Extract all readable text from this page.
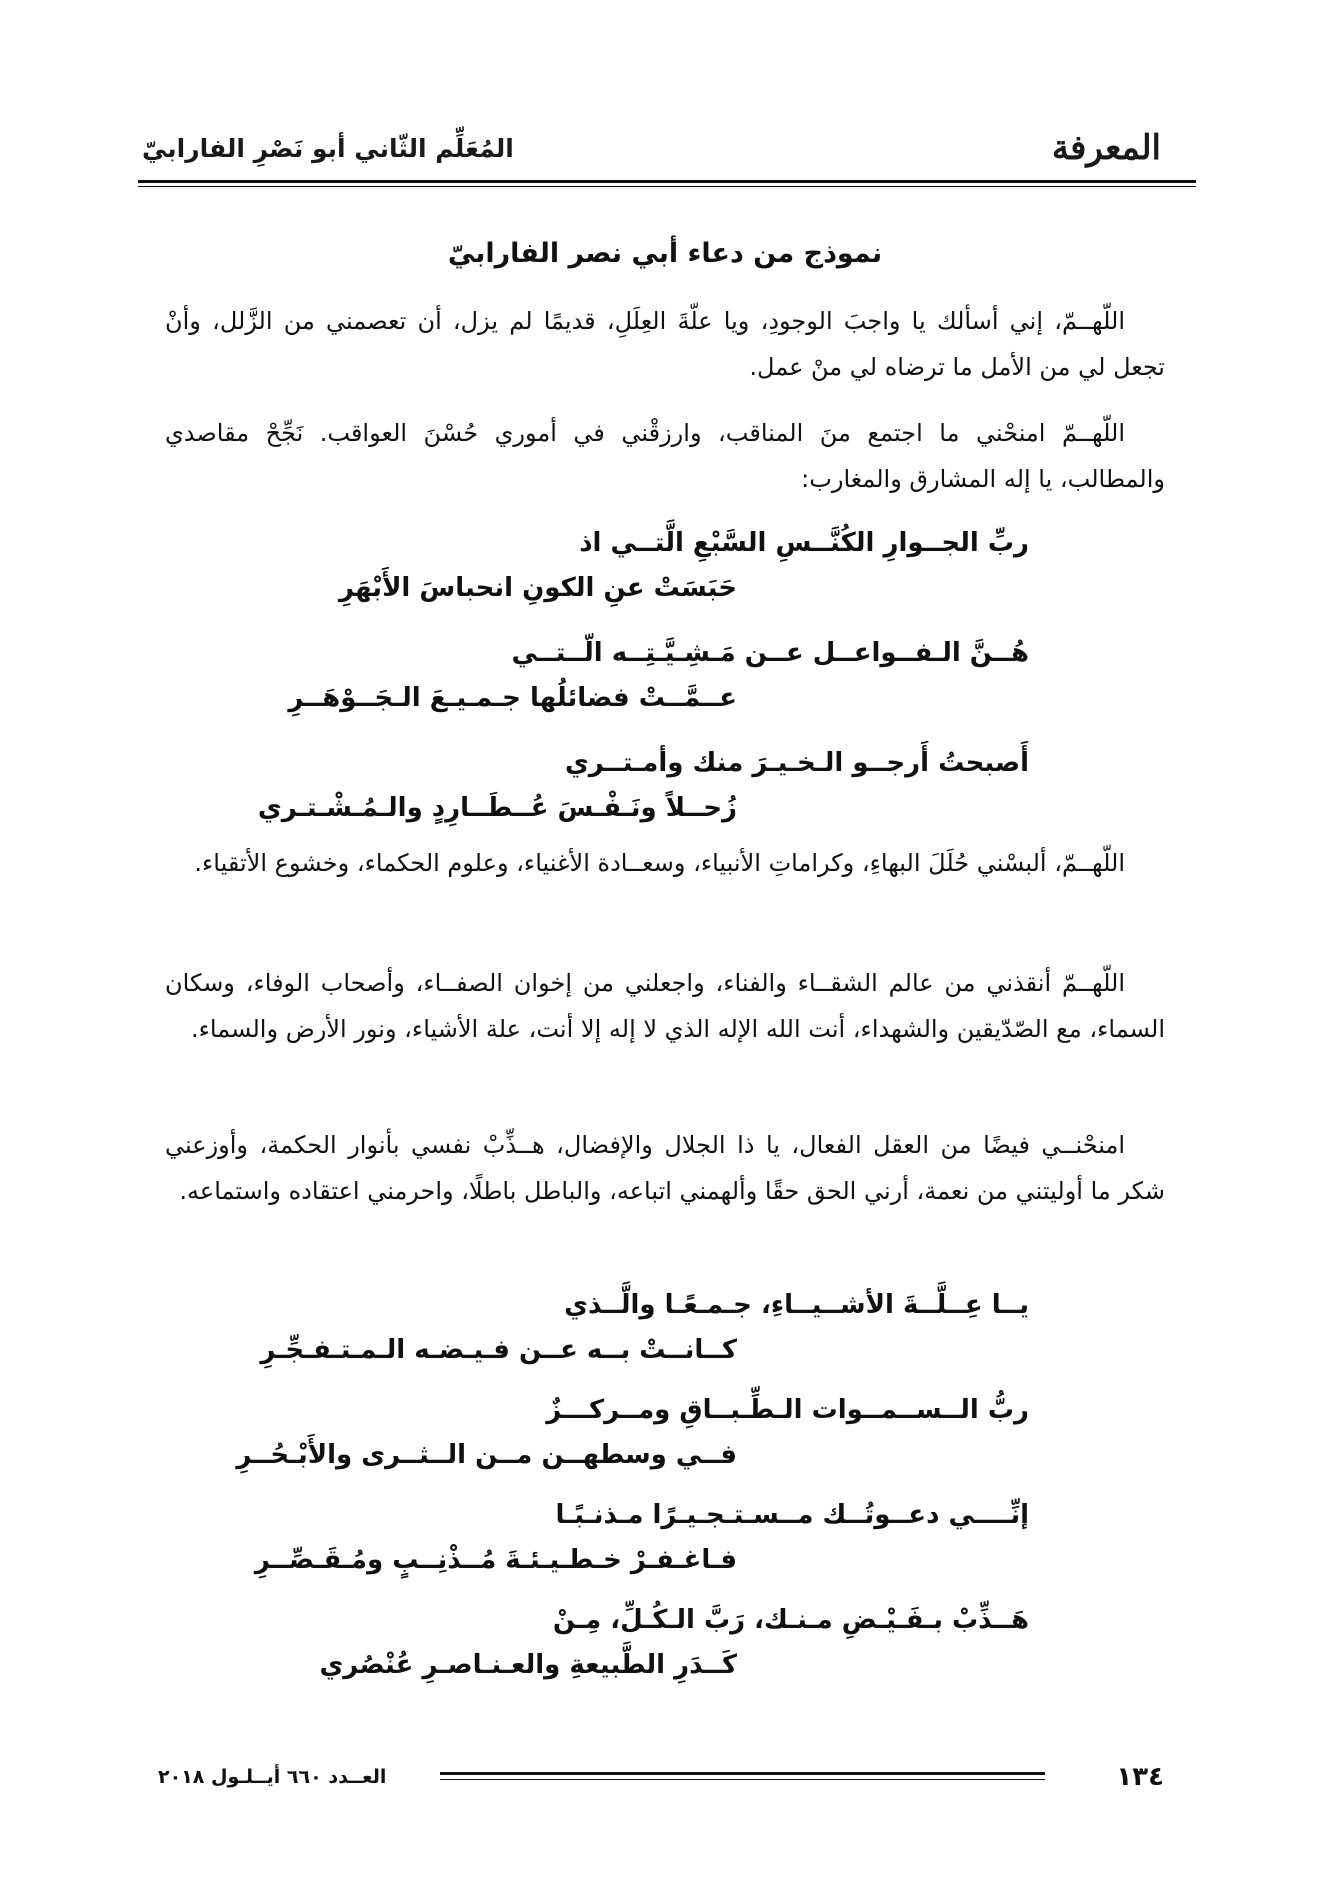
المعرفة
المُعَلِّم الثّاني أبو نَصْرِ الفارابيّ
نموذج من دعاء أبي نصر الفارابيّ

اللّهــمّ، إني أسألك يا واجبَ الوجودِ، ويا علّةَ العِلَلِ، قديمًا لم يزل، أن تعصمني من الزَّلل، وأنْ تجعل لي من الأمل ما ترضاه لي منْ عمل.

اللّهــمّ امنحْني ما اجتمع منَ المناقب، وارزقْني في أموري حُسْنَ العواقب. نَجِّحْ مقاصدي والمطالب، يا إله المشارق والمغارب:

ربِّ الجــوارِ الكُنَّــسِ السَّبْعِ الَّتــي اذ
حَبَسَتْ عنِ الكونِ انحباسَ الأَبْهَرِ
هُــنَّ الـفــواعــل عــن مَـشِـيَّـتِــه الّــتــي
عــمَّــتْ فضائلُها جـمـيـعَ الـجَــوْهَــرِ
أَصبحتُ أَرجــو الـخـيـرَ منك وأمـتــري
زُحــلاً ونَـفْـسَ عُــطَــارِدٍ والـمُـشْـتـري

اللّهــمّ، ألبسْني حُلَلَ البهاءِ، وكراماتِ الأنبياء، وسعــادة الأغنياء، وعلوم الحكماء، وخشوع الأتقياء.

اللّهــمّ أنقذني من عالم الشقــاء والفناء، واجعلني من إخوان الصفــاء، وأصحاب الوفاء، وسكان السماء، مع الصّدّيقين والشهداء، أنت الله الإله الذي لا إله إلا أنت، علة الأشياء، ونور الأرض والسماء.

امنحْنــي فيضًا من العقل الفعال، يا ذا الجلال والإفضال، هــذِّبْ نفسي بأنوار الحكمة، وأوزعني شكر ما أوليتني من نعمة، أرني الحق حقًا وألهمني اتباعه، والباطل باطلًا، واحرمني اعتقاده واستماعه.

يــا عِــلَّــةَ الأشــيــاءِ، جـمـعًـا والَّــذي
كــانــتْ بــه عــن فـيـضـه الـمـتـفـجِّـرِ
ربُّ الــســمــوات الـطِّـبــاقِ ومــركـــزٌ
فــي وسطهــن مــن الــثــرى والأَبْـحُــرِ
إنِّــــي دعــوتُــك مــسـتـجـيـرًا مـذنـبًـا
فـاغـفـرْ خـطـيـئـةَ مُــذْنِــبٍ ومُـقَـصِّــرِ
هَــذِّبْ بـفَـيْـضِ مـنـك، رَبَّ الـكُـلِّ، مِـنْ
كَــدَرِ الطَّبيعةِ والعـنـاصـرِ عُنْصُري
١٣٤
العــدد ٦٦٠ أيــلـول ٢٠١٨
